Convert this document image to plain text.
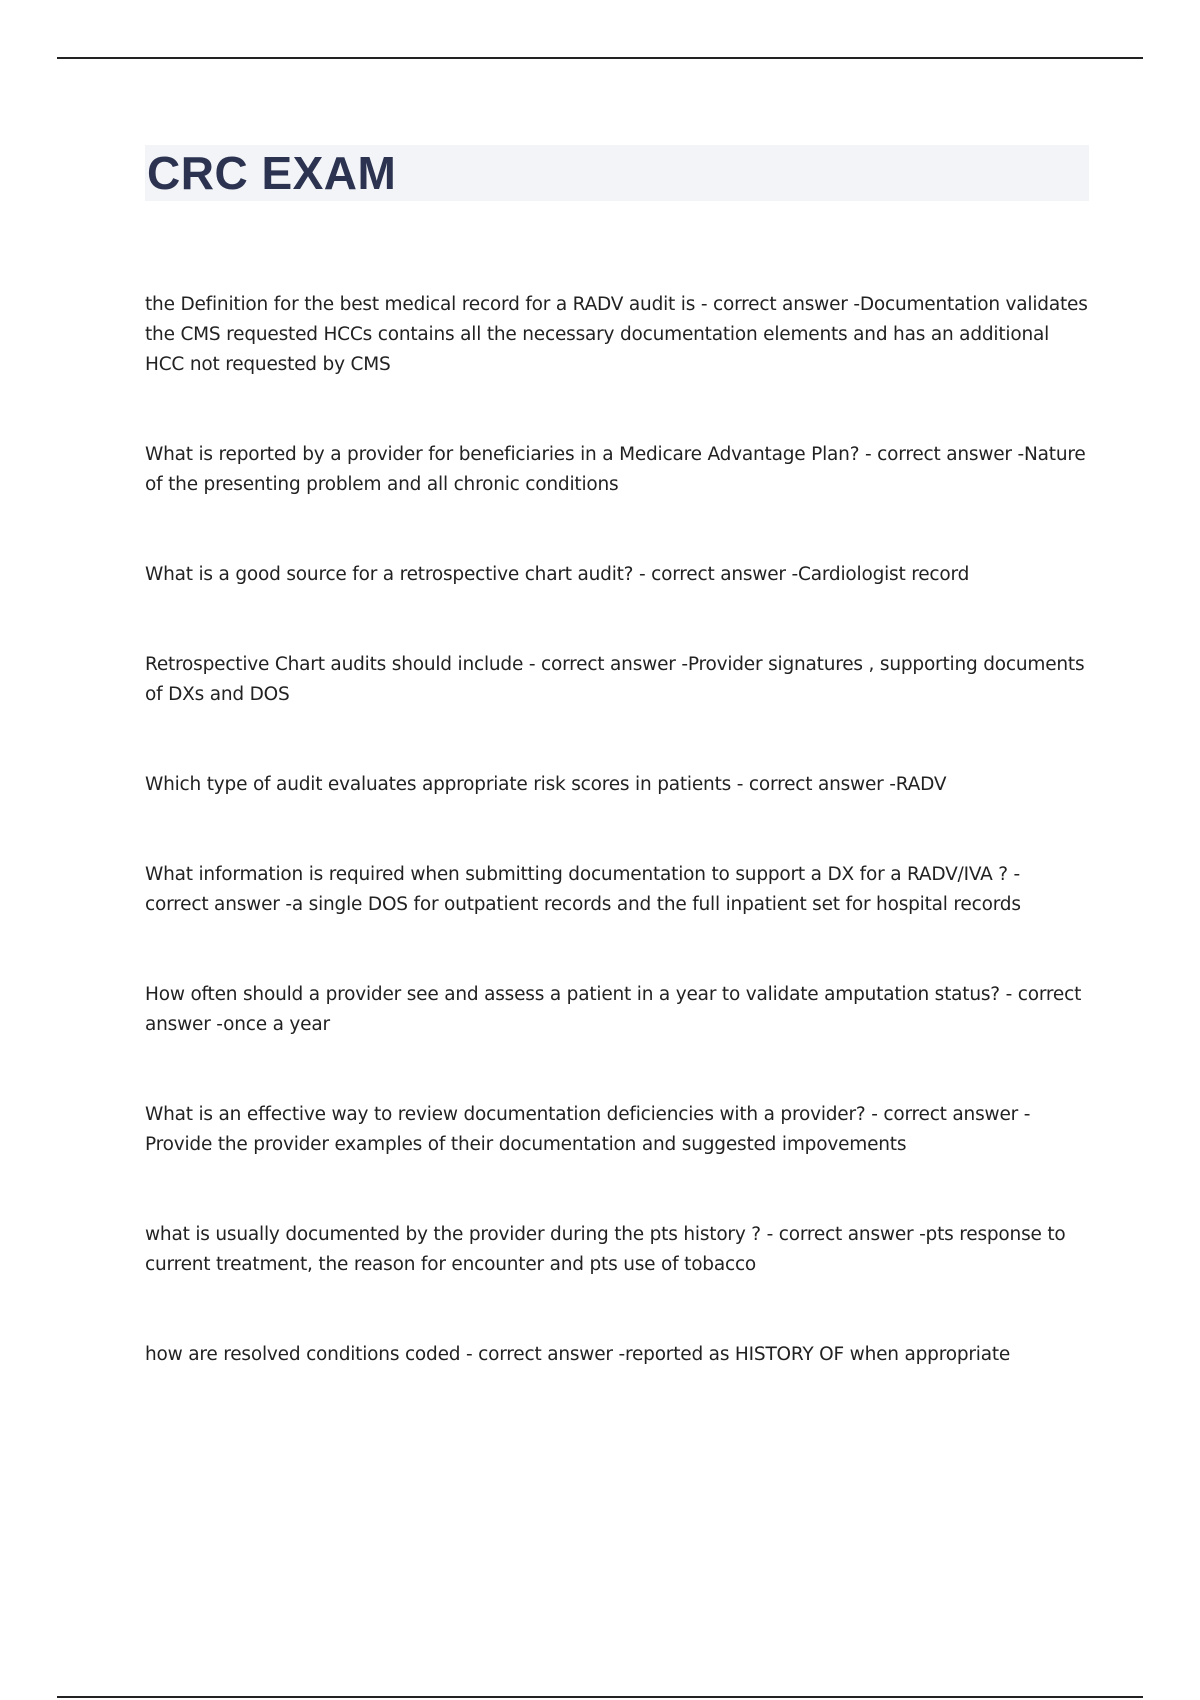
CRC EXAM

the Definition for the best medical record for a RADV audit is - correct answer -Documentation validates the CMS requested HCCs contains all the necessary documentation elements and has an additional HCC not requested by CMS

What is reported by a provider for beneficiaries in a Medicare Advantage Plan? - correct answer -Nature of the presenting problem and all chronic conditions

What is a good source for a retrospective chart audit? - correct answer -Cardiologist record

Retrospective Chart audits should include - correct answer -Provider signatures , supporting documents of DXs and DOS

Which type of audit evaluates appropriate risk scores in patients - correct answer -RADV

What information is required when submitting documentation to support a DX for a RADV/IVA ? - correct answer -a single DOS for outpatient records and the full inpatient set for hospital records

How often should a provider see and assess a patient in a year to validate amputation status? - correct answer -once a year

What is an effective way to review documentation deficiencies with a provider? - correct answer - Provide the provider examples of their documentation and suggested impovements

what is usually documented by the provider during the pts history ? - correct answer -pts response to current treatment, the reason for encounter and pts use of tobacco

how are resolved conditions coded - correct answer -reported as HISTORY OF when appropriate
